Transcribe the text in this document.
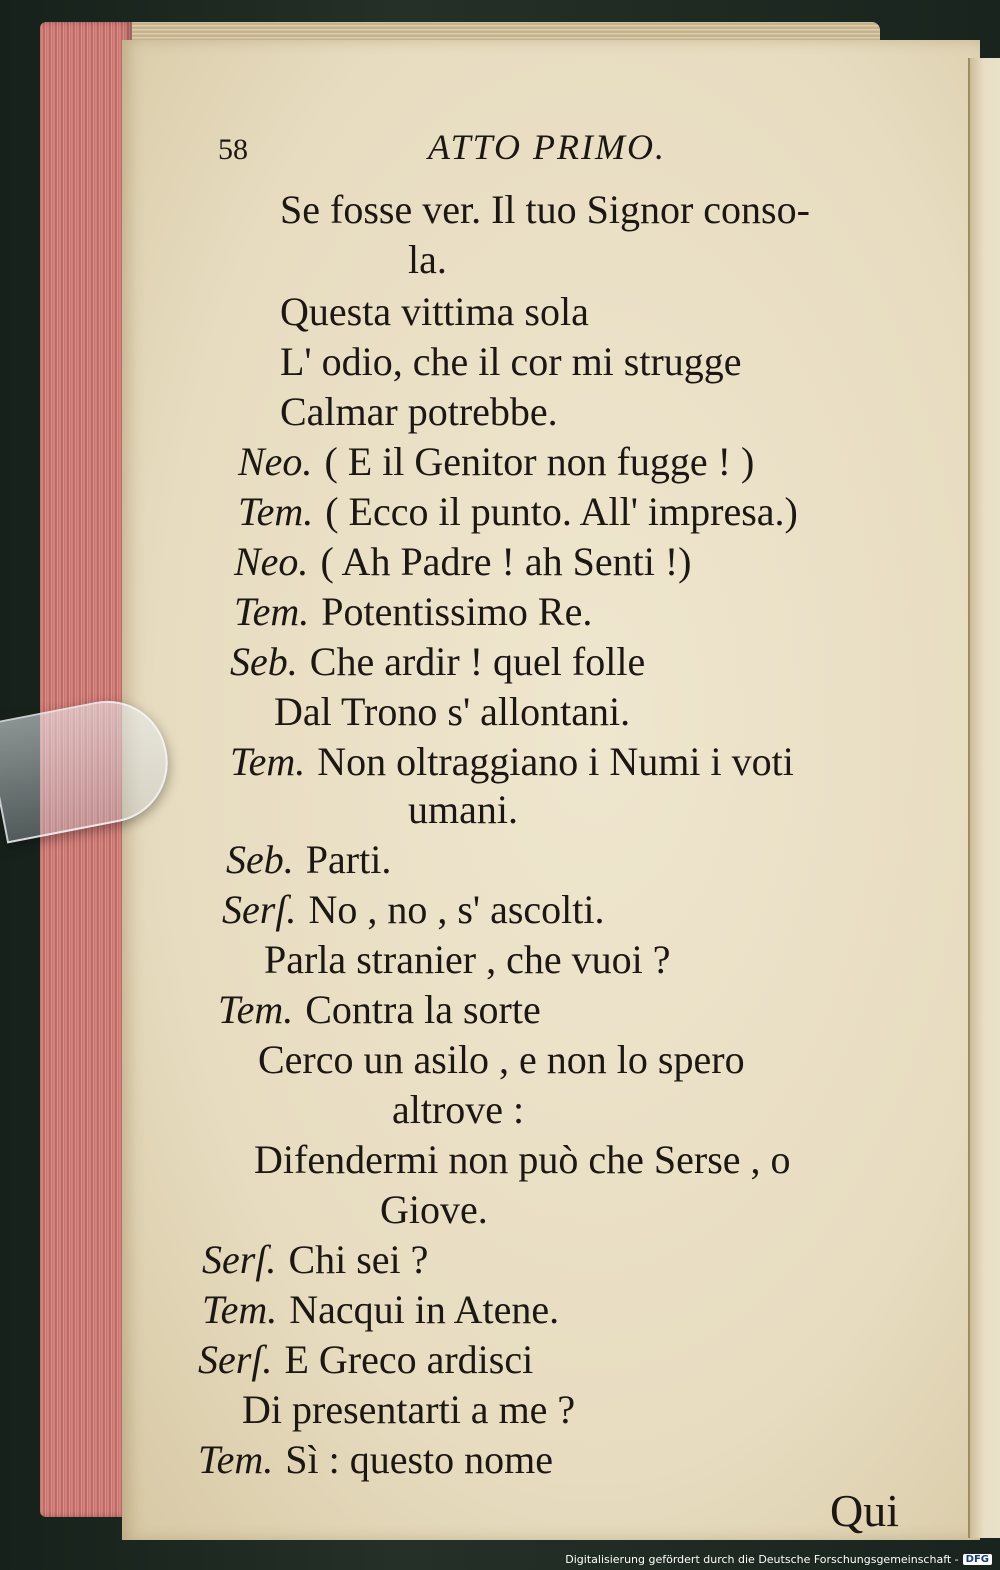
58	ATTO PRIMO.
Se fosse ver. Il tuo Signor conso-
la.
Questa vittima sola
L' odio, che il cor mi strugge
Calmar potrebbe.
Neo. ( E il Genitor non fugge ! )
Tem. ( Ecco il punto. All' impresa.)
Neo. ( Ah Padre ! ah Senti !)
Tem. Potentissimo Re.
Seb. Che ardir ! quel folle
Dal Trono s' allontani.
Tem. Non oltraggiano i Numi i voti
umani.
Seb. Parti.
Serſ. No , no , s' ascolti.
Parla stranier , che vuoi ?
Tem. Contra la sorte
Cerco un asilo , e non lo spero
altrove :
Difendermi non può che Serse , o
Giove.
Serſ. Chi sei ?
Tem. Nacqui in Atene.
Serſ. E Greco ardisci
Di presentarti a me ?
Tem. Sì : questo nome
Qui
Digitalisierung gefördert durch die Deutsche Forschungsgemeinschaft - DFG
